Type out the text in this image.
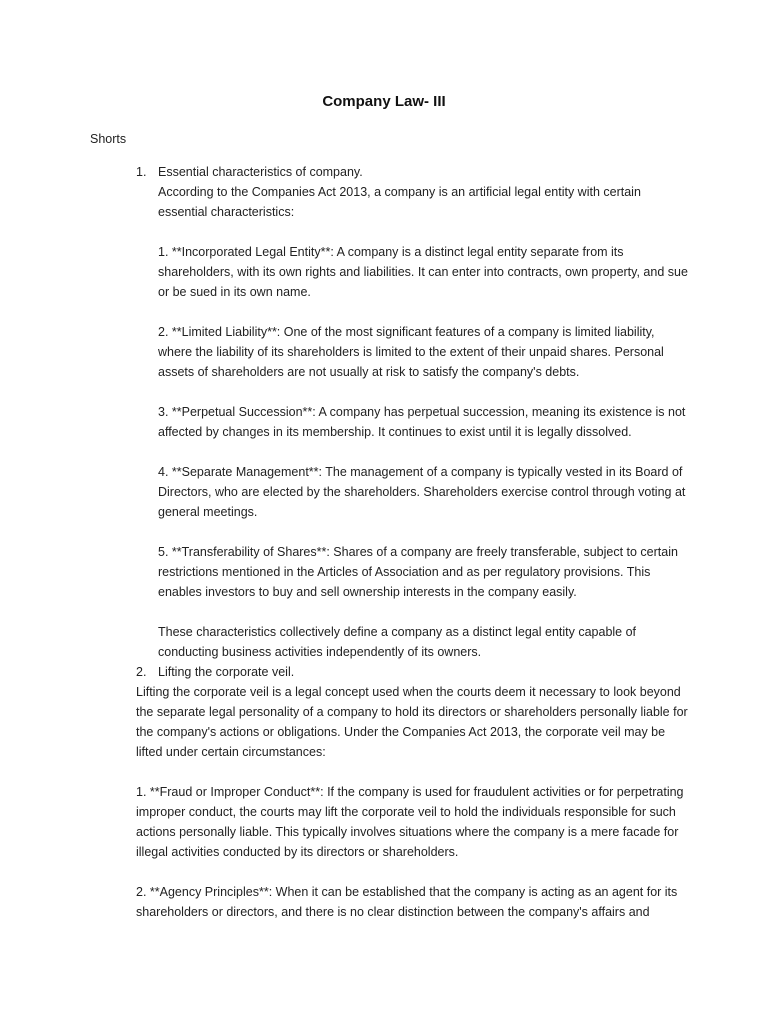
Company Law- III
Shorts
1. Essential characteristics of company.

According to the Companies Act 2013, a company is an artificial legal entity with certain essential characteristics:

1. **Incorporated Legal Entity**: A company is a distinct legal entity separate from its shareholders, with its own rights and liabilities. It can enter into contracts, own property, and sue or be sued in its own name.

2. **Limited Liability**: One of the most significant features of a company is limited liability, where the liability of its shareholders is limited to the extent of their unpaid shares. Personal assets of shareholders are not usually at risk to satisfy the company's debts.

3. **Perpetual Succession**: A company has perpetual succession, meaning its existence is not affected by changes in its membership. It continues to exist until it is legally dissolved.

4. **Separate Management**: The management of a company is typically vested in its Board of Directors, who are elected by the shareholders. Shareholders exercise control through voting at general meetings.

5. **Transferability of Shares**: Shares of a company are freely transferable, subject to certain restrictions mentioned in the Articles of Association and as per regulatory provisions. This enables investors to buy and sell ownership interests in the company easily.

These characteristics collectively define a company as a distinct legal entity capable of conducting business activities independently of its owners.

2. Lifting the corporate veil.

Lifting the corporate veil is a legal concept used when the courts deem it necessary to look beyond the separate legal personality of a company to hold its directors or shareholders personally liable for the company's actions or obligations. Under the Companies Act 2013, the corporate veil may be lifted under certain circumstances:

1. **Fraud or Improper Conduct**: If the company is used for fraudulent activities or for perpetrating improper conduct, the courts may lift the corporate veil to hold the individuals responsible for such actions personally liable. This typically involves situations where the company is a mere facade for illegal activities conducted by its directors or shareholders.

2. **Agency Principles**: When it can be established that the company is acting as an agent for its shareholders or directors, and there is no clear distinction between the company's affairs and
